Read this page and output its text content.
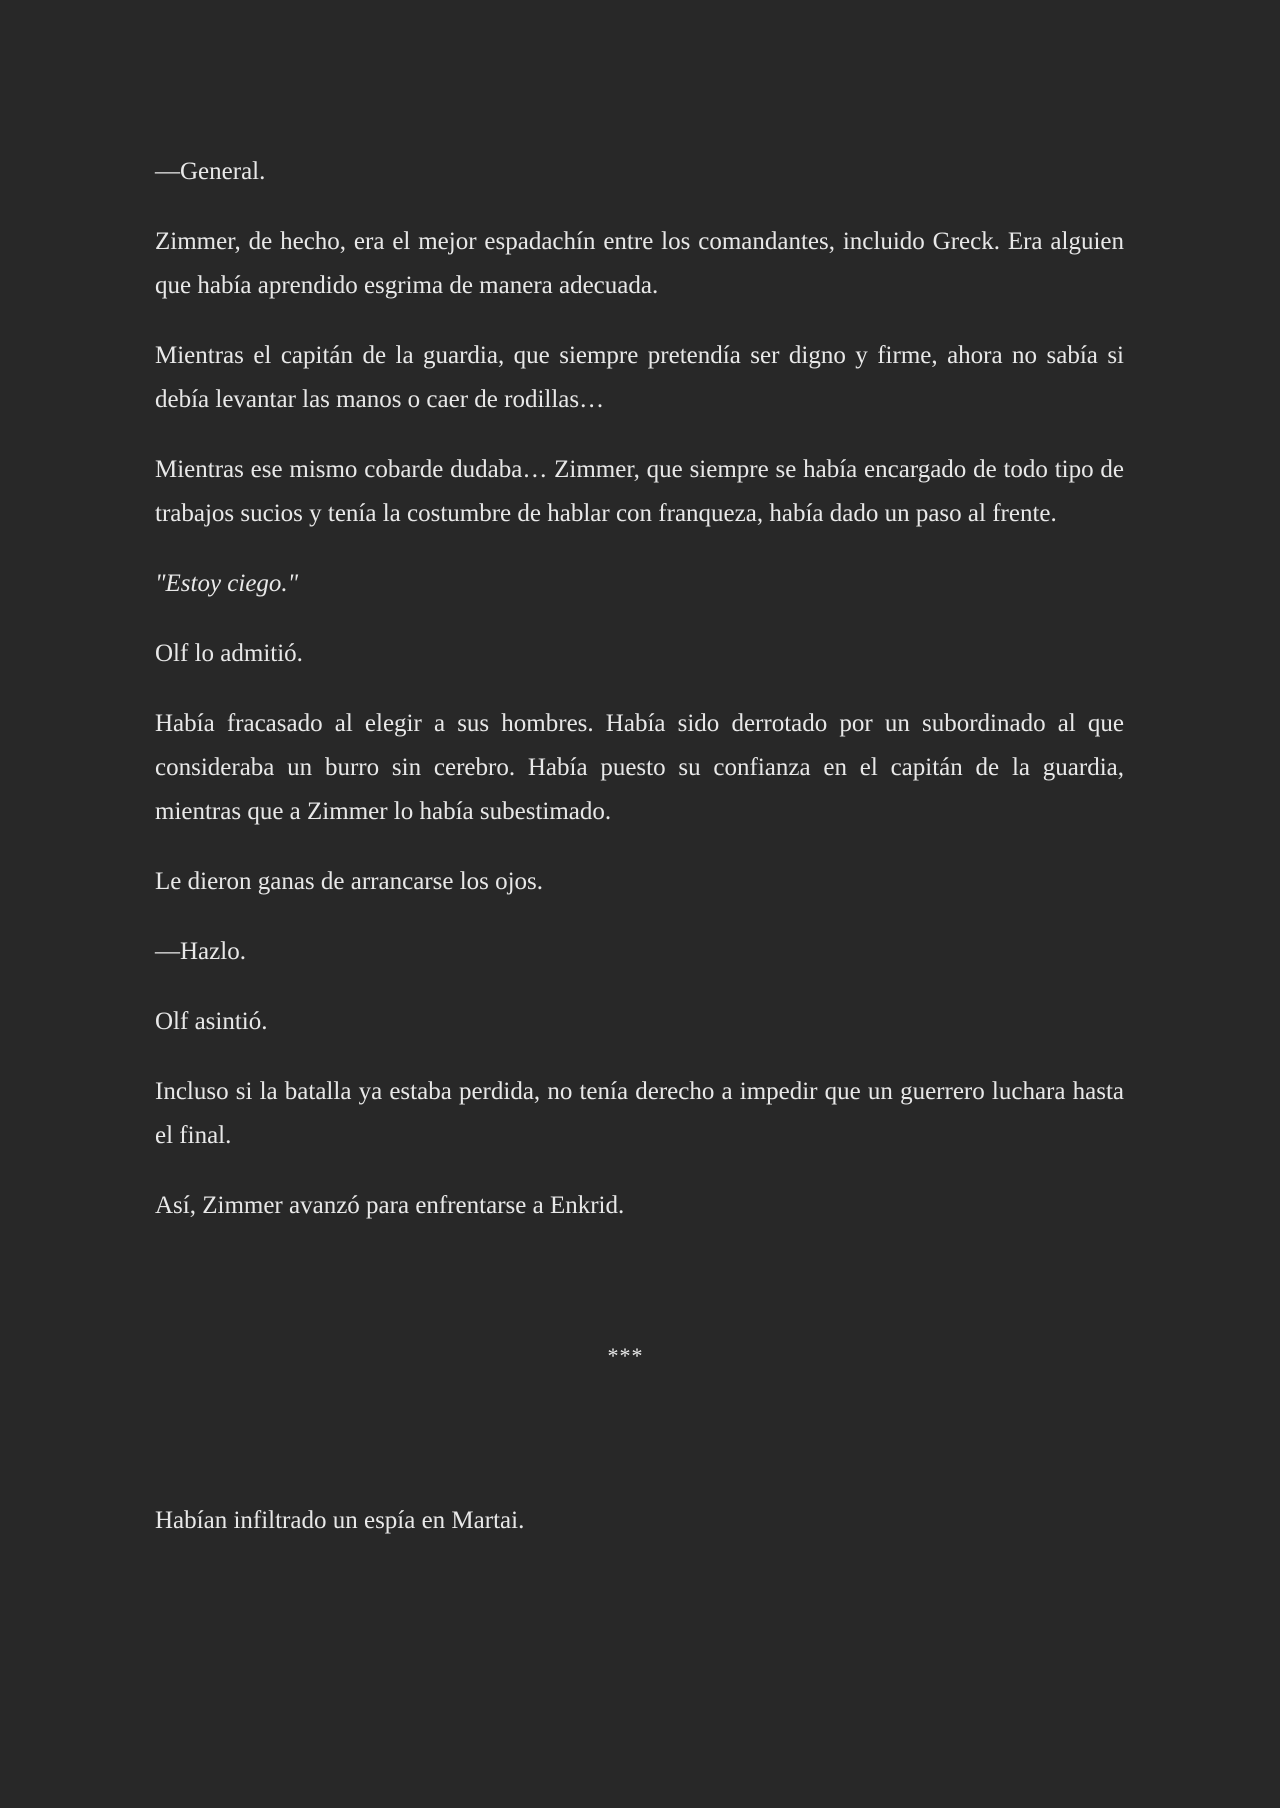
—General.

Zimmer, de hecho, era el mejor espadachín entre los comandantes, incluido Greck. Era alguien que había aprendido esgrima de manera adecuada.

Mientras el capitán de la guardia, que siempre pretendía ser digno y firme, ahora no sabía si debía levantar las manos o caer de rodillas…

Mientras ese mismo cobarde dudaba… Zimmer, que siempre se había encargado de todo tipo de trabajos sucios y tenía la costumbre de hablar con franqueza, había dado un paso al frente.

"Estoy ciego."

Olf lo admitió.

Había fracasado al elegir a sus hombres. Había sido derrotado por un subordinado al que consideraba un burro sin cerebro. Había puesto su confianza en el capitán de la guardia, mientras que a Zimmer lo había subestimado.

Le dieron ganas de arrancarse los ojos.

—Hazlo.

Olf asintió.

Incluso si la batalla ya estaba perdida, no tenía derecho a impedir que un guerrero luchara hasta el final.

Así, Zimmer avanzó para enfrentarse a Enkrid.

***

Habían infiltrado un espía en Martai.
